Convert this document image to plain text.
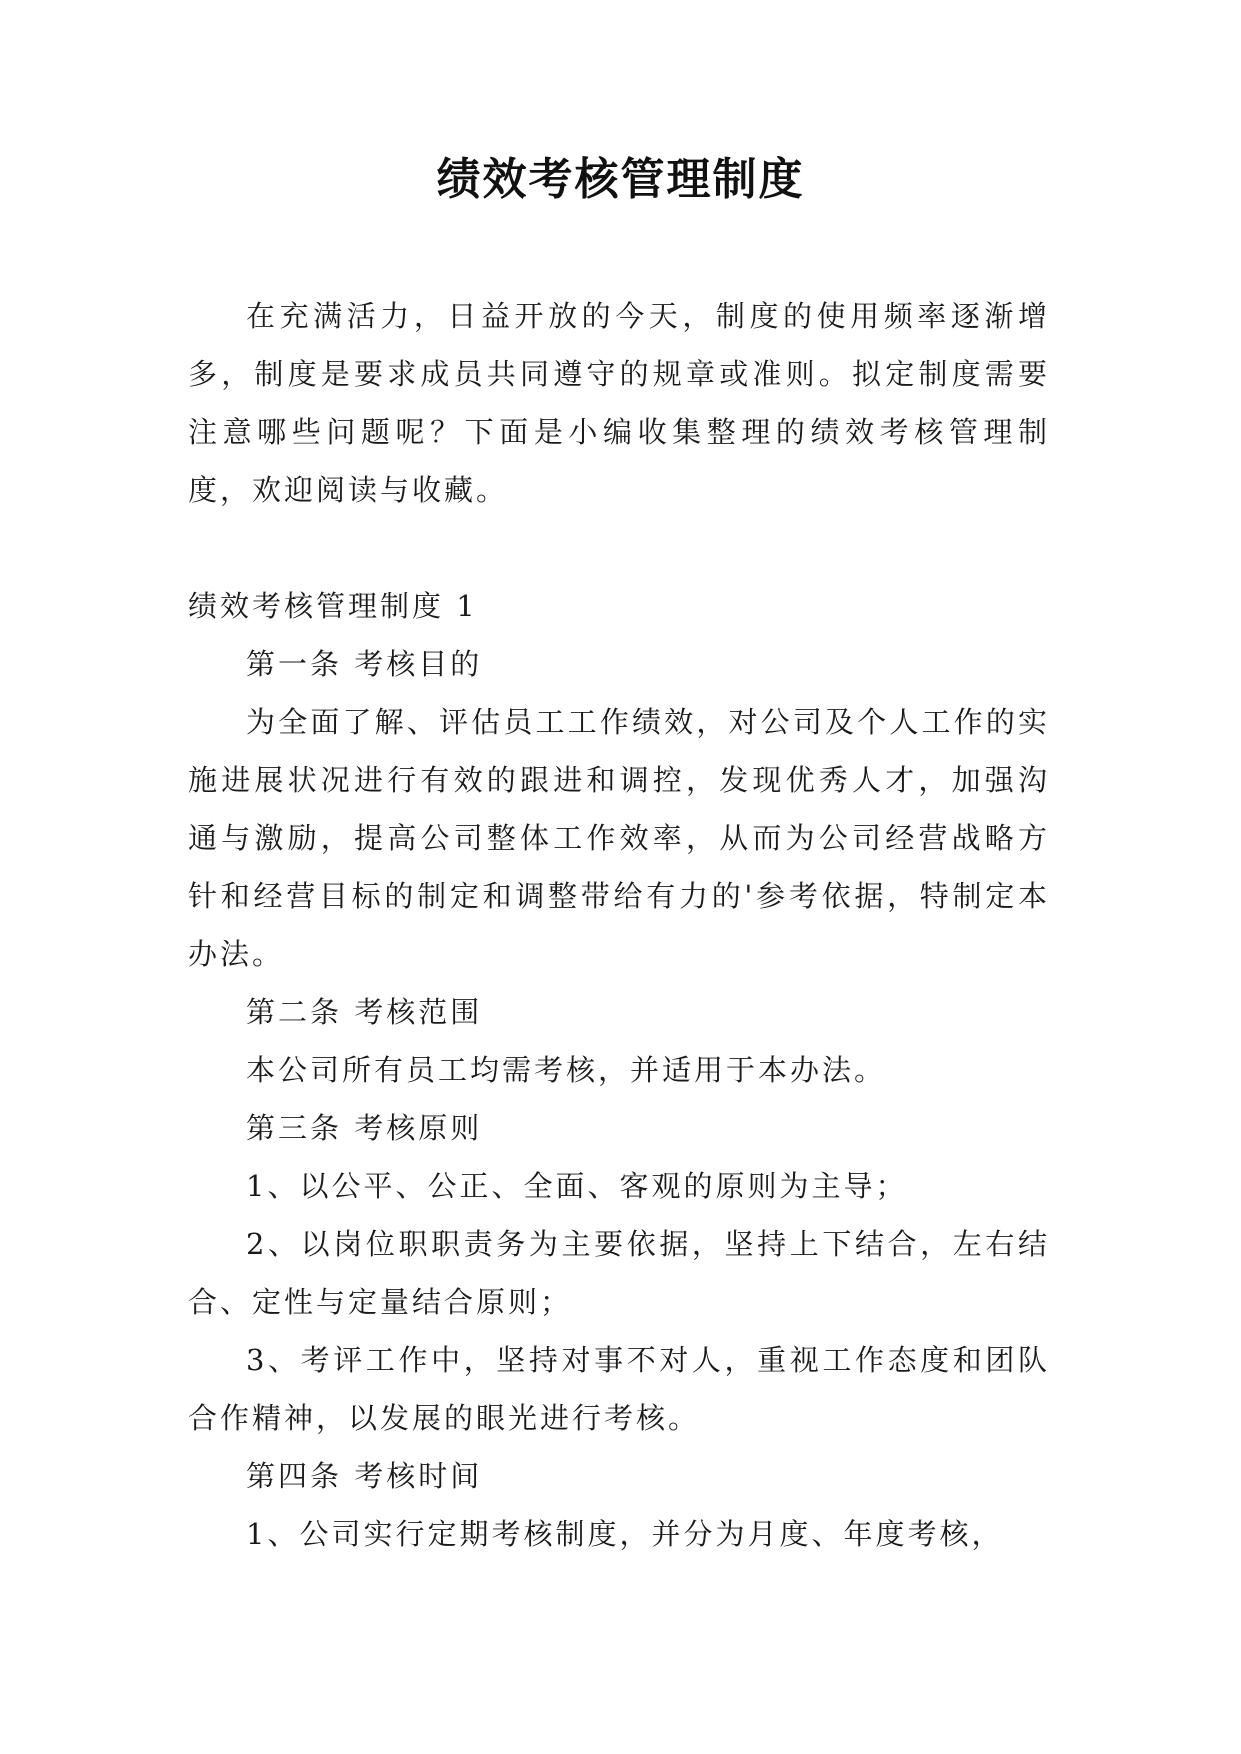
绩效考核管理制度

在充满活力，日益开放的今天，制度的使用频率逐渐增多，制度是要求成员共同遵守的规章或准则。拟定制度需要注意哪些问题呢？下面是小编收集整理的绩效考核管理制度，欢迎阅读与收藏。

绩效考核管理制度 1

第一条 考核目的

为全面了解、评估员工工作绩效，对公司及个人工作的实施进展状况进行有效的跟进和调控，发现优秀人才，加强沟通与激励，提高公司整体工作效率，从而为公司经营战略方针和经营目标的制定和调整带给有力的'参考依据，特制定本办法。

第二条 考核范围

本公司所有员工均需考核，并适用于本办法。

第三条 考核原则

1、以公平、公正、全面、客观的原则为主导；

2、以岗位职职责务为主要依据，坚持上下结合，左右结合、定性与定量结合原则；

3、考评工作中，坚持对事不对人，重视工作态度和团队合作精神，以发展的眼光进行考核。

第四条 考核时间

1、公司实行定期考核制度，并分为月度、年度考核，
